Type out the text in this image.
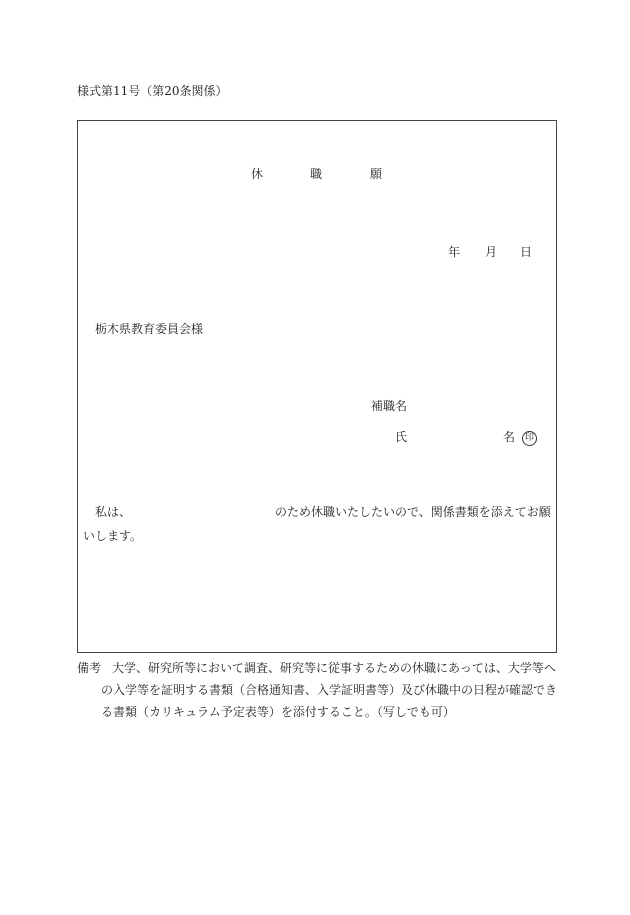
様式第11号（第20条関係）
休	職	願
年 月 日
栃木県教育委員会様
補職名
氏	名	印
私は、	のため休職いたしたいので、関係書類を添えてお願
いします。
備考 大学、研究所等において調査、研究等に従事するための休職にあっては、大学等へ
の入学等を証明する書類（合格通知書、入学証明書等）及び休職中の日程が確認でき
る書類（カリキュラム予定表等）を添付すること。（写しでも可）
